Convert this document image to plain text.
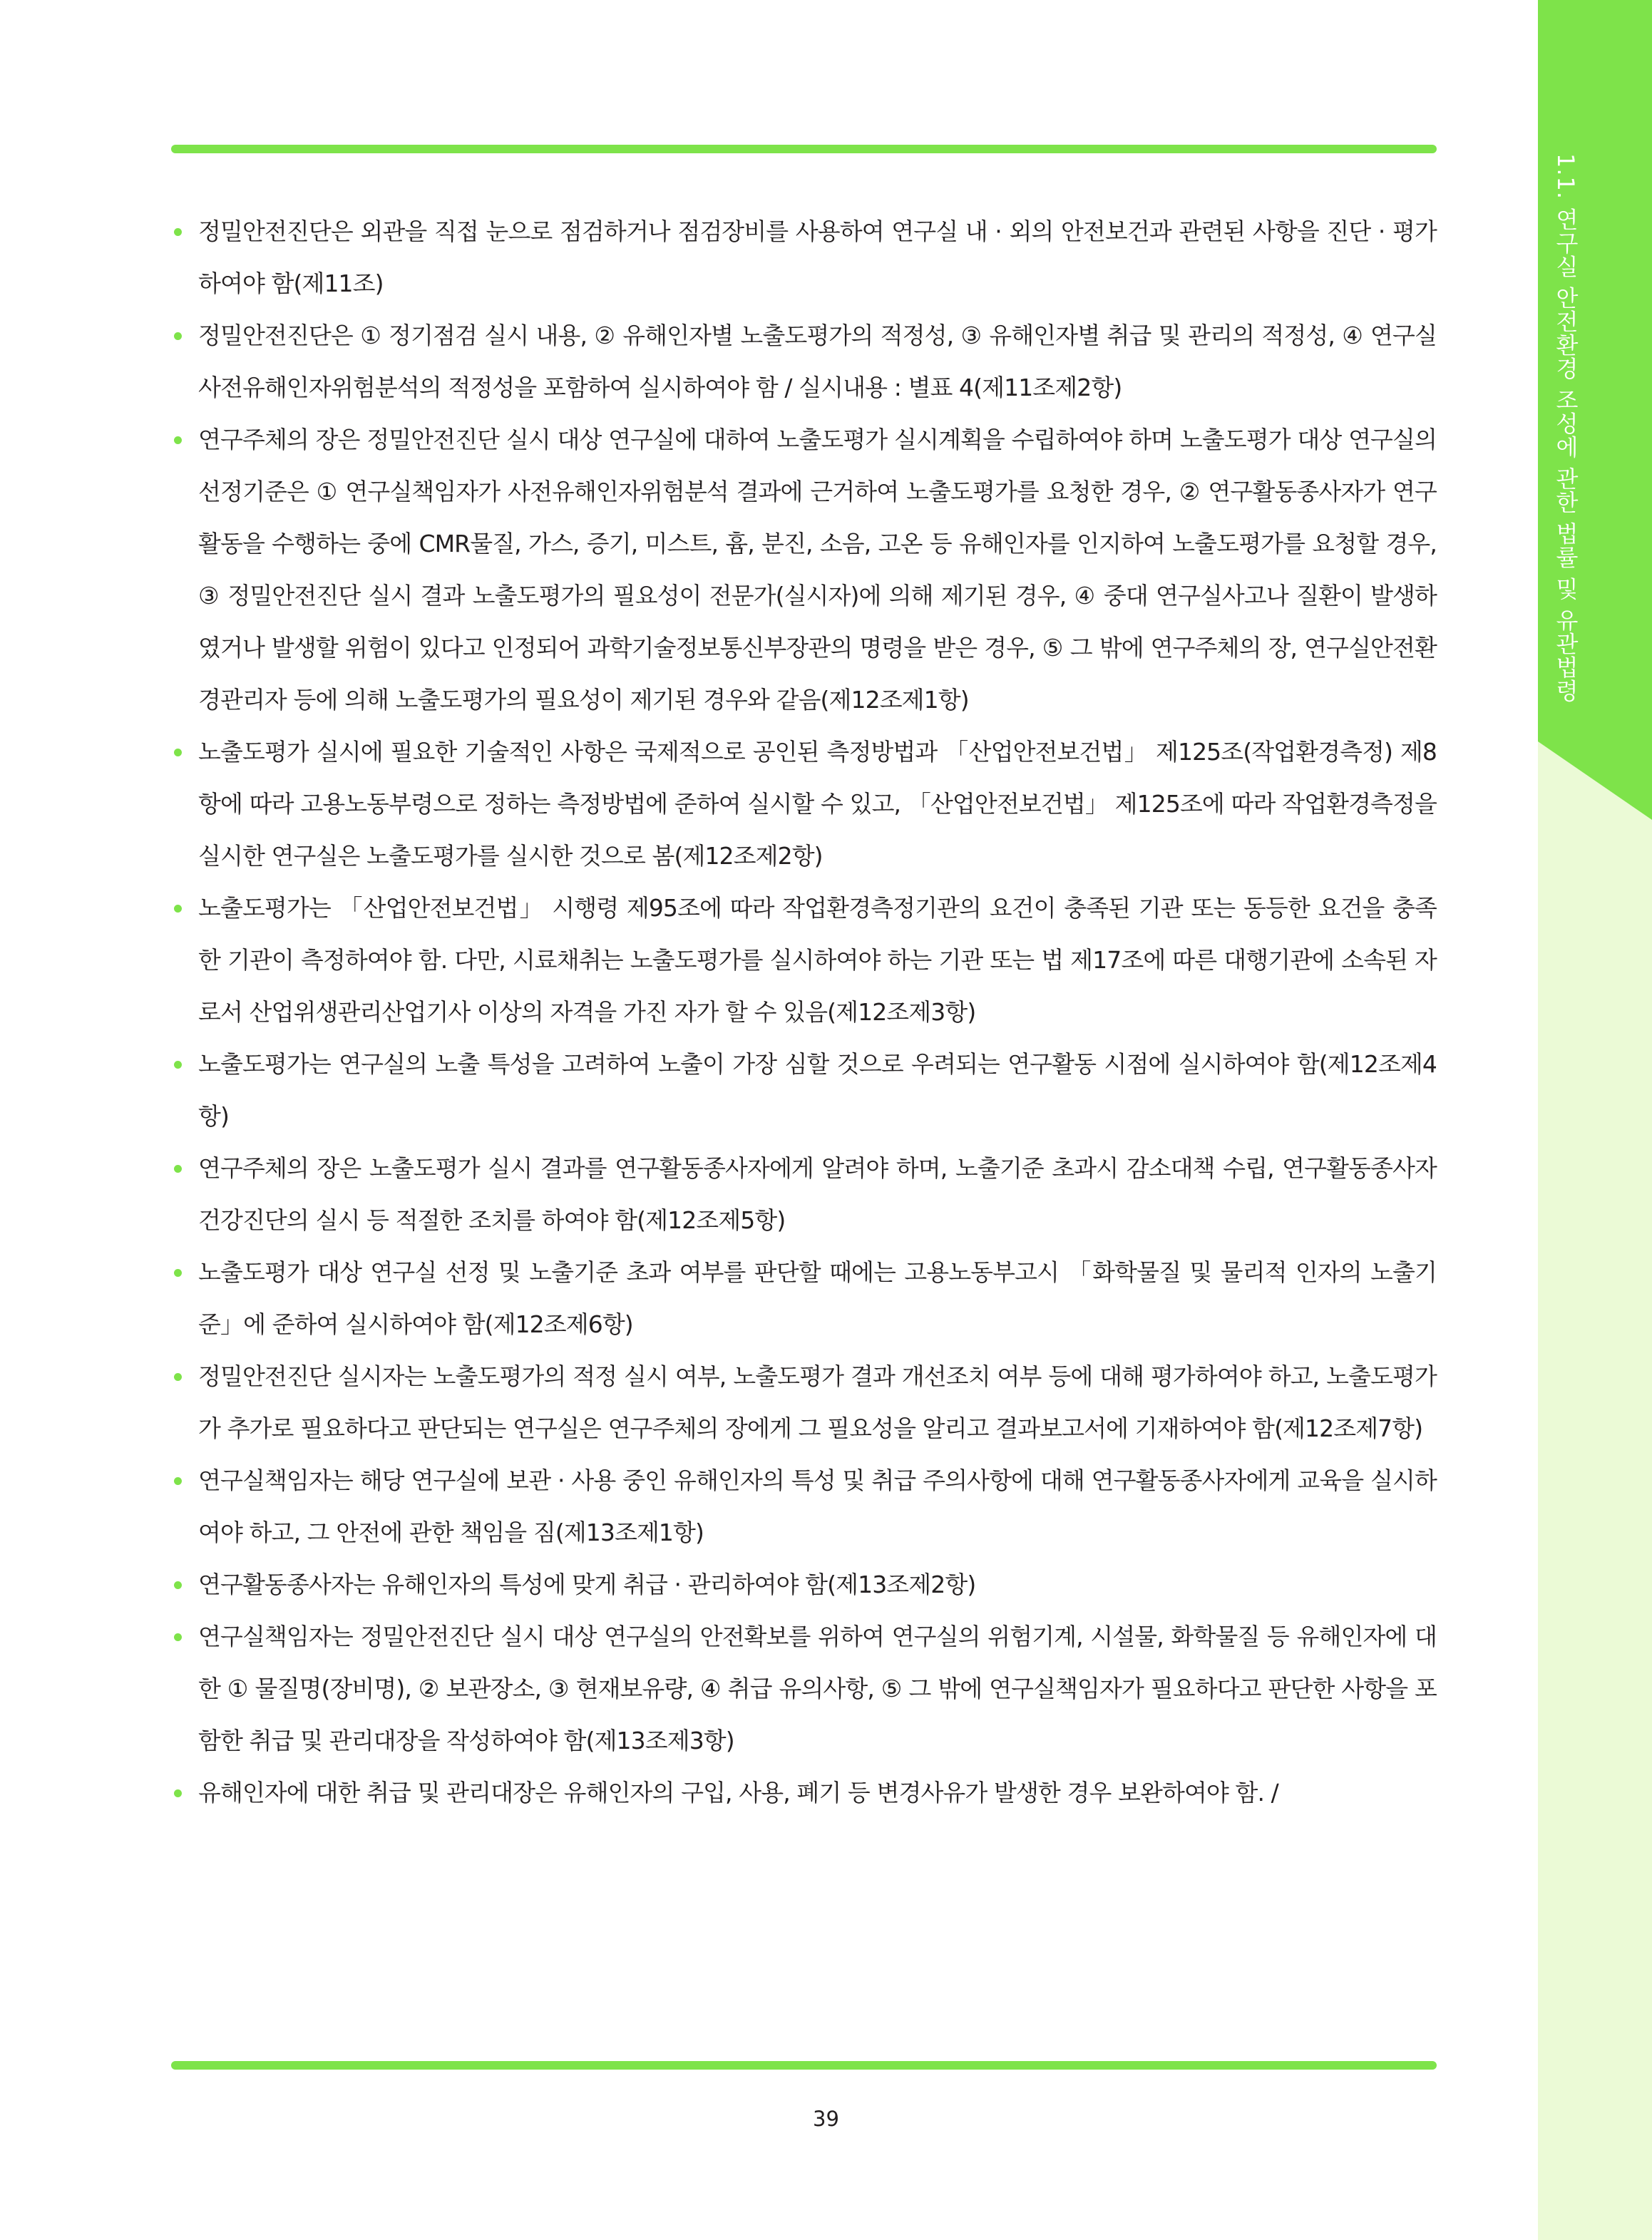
1.1. 연구실 안전환경 조성에 관한 법률 및 유관법령
정밀안전진단은 외관을 직접 눈으로 점검하거나 점검장비를 사용하여 연구실 내 · 외의 안전보건과 관련된 사항을 진단 · 평가 하여야 함(제11조)
정밀안전진단은 ① 정기점검 실시 내용, ② 유해인자별 노출도평가의 적정성, ③ 유해인자별 취급 및 관리의 적정성, ④ 연구실 사전유해인자위험분석의 적정성을 포함하여 실시하여야 함 / 실시내용 : 별표 4(제11조제2항)
연구주체의 장은 정밀안전진단 실시 대상 연구실에 대하여 노출도평가 실시계획을 수립하여야 하며 노출도평가 대상 연구실의 선정기준은 ① 연구실책임자가 사전유해인자위험분석 결과에 근거하여 노출도평가를 요청한 경우, ② 연구활동종사자가 연구활동을 수행하는 중에 CMR물질, 가스, 증기, 미스트, 흄, 분진, 소음, 고온 등 유해인자를 인지하여 노출도평가를 요청할 경우, ③ 정밀안전진단 실시 결과 노출도평가의 필요성이 전문가(실시자)에 의해 제기된 경우, ④ 중대 연구실사고나 질환이 발생하였거나 발생할 위험이 있다고 인정되어 과학기술정보통신부장관의 명령을 받은 경우, ⑤ 그 밖에 연구주체의 장, 연구실안전환경관리자 등에 의해 노출도평가의 필요성이 제기된 경우와 같음(제12조제1항)
노출도평가 실시에 필요한 기술적인 사항은 국제적으로 공인된 측정방법과 「산업안전보건법」 제125조(작업환경측정) 제8항에 따라 고용노동부령으로 정하는 측정방법에 준하여 실시할 수 있고, 「산업안전보건법」 제125조에 따라 작업환경측정을 실시한 연구실은 노출도평가를 실시한 것으로 봄(제12조제2항)
노출도평가는 「산업안전보건법」 시행령 제95조에 따라 작업환경측정기관의 요건이 충족된 기관 또는 동등한 요건을 충족한 기관이 측정하여야 함. 다만, 시료채취는 노출도평가를 실시하여야 하는 기관 또는 법 제17조에 따른 대행기관에 소속된 자로서 산업위생관리산업기사 이상의 자격을 가진 자가 할 수 있음(제12조제3항)
노출도평가는 연구실의 노출 특성을 고려하여 노출이 가장 심할 것으로 우려되는 연구활동 시점에 실시하여야 함(제12조제4항)
연구주체의 장은 노출도평가 실시 결과를 연구활동종사자에게 알려야 하며, 노출기준 초과시 감소대책 수립, 연구활동종사자 건강진단의 실시 등 적절한 조치를 하여야 함(제12조제5항)
노출도평가 대상 연구실 선정 및 노출기준 초과 여부를 판단할 때에는 고용노동부고시 「화학물질 및 물리적 인자의 노출기준」에 준하여 실시하여야 함(제12조제6항)
정밀안전진단 실시자는 노출도평가의 적정 실시 여부, 노출도평가 결과 개선조치 여부 등에 대해 평가하여야 하고, 노출도평가가 추가로 필요하다고 판단되는 연구실은 연구주체의 장에게 그 필요성을 알리고 결과보고서에 기재하여야 함(제12조제7항)
연구실책임자는 해당 연구실에 보관 · 사용 중인 유해인자의 특성 및 취급 주의사항에 대해 연구활동종사자에게 교육을 실시하여야 하고, 그 안전에 관한 책임을 짐(제13조제1항)
연구활동종사자는 유해인자의 특성에 맞게 취급 · 관리하여야 함(제13조제2항)
연구실책임자는 정밀안전진단 실시 대상 연구실의 안전확보를 위하여 연구실의 위험기계, 시설물, 화학물질 등 유해인자에 대한 ① 물질명(장비명), ② 보관장소, ③ 현재보유량, ④ 취급 유의사항, ⑤ 그 밖에 연구실책임자가 필요하다고 판단한 사항을 포함한 취급 및 관리대장을 작성하여야 함(제13조제3항)
유해인자에 대한 취급 및 관리대장은 유해인자의 구입, 사용, 폐기 등 변경사유가 발생한 경우 보완하여야 함. /
39
